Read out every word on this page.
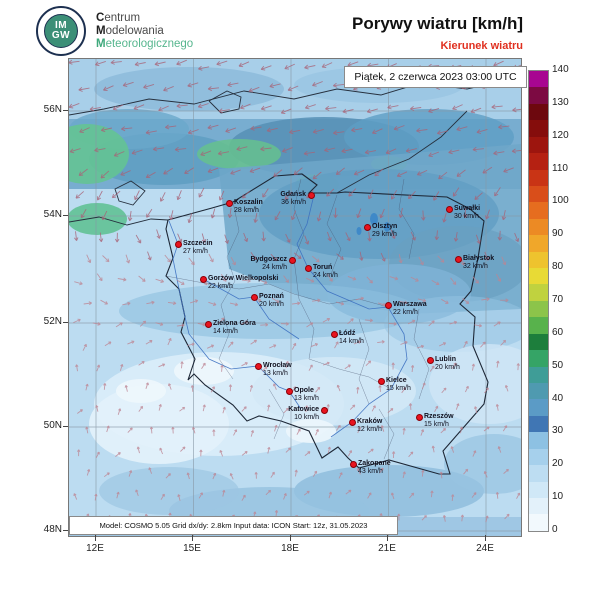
IM
GW
Centrum
Modelowania
Meteorologicznego
Porywy wiatru [km/h]
Kierunek wiatru
Koszalin
28 km/h
Gdańsk
36 km/h
Suwałki
30 km/h
Szczecin
27 km/h
Olsztyn
29 km/h
Bydgoszcz
24 km/h	Toruń
24 km/h
Białystok
32 km/h
Gorzów Wielkopolski
22 km/h
Poznań
20 km/h	Warszawa
22 km/h
Zielona Góra
14 km/h	Łódź
14 km/h
Lublin
20 km/h
Wrocław
13 km/h
Kielce
15 km/h
Opole
13 km/h
Katowice
10 km/h
Kraków
12 km/h
Rzeszów
15 km/h
Zakopane
43 km/h
Piątek, 2 czerwca 2023 03:00 UTC
Model: COSMO 5.05 Grid dx/dy: 2.8km Input data: ICON Start: 12z, 31.05.2023	0
10
20
30
40
50
60
70
80
90
100
110
120
130
140
56N
54N
52N
50N
48N
12E	15E	18E	21E	24E
